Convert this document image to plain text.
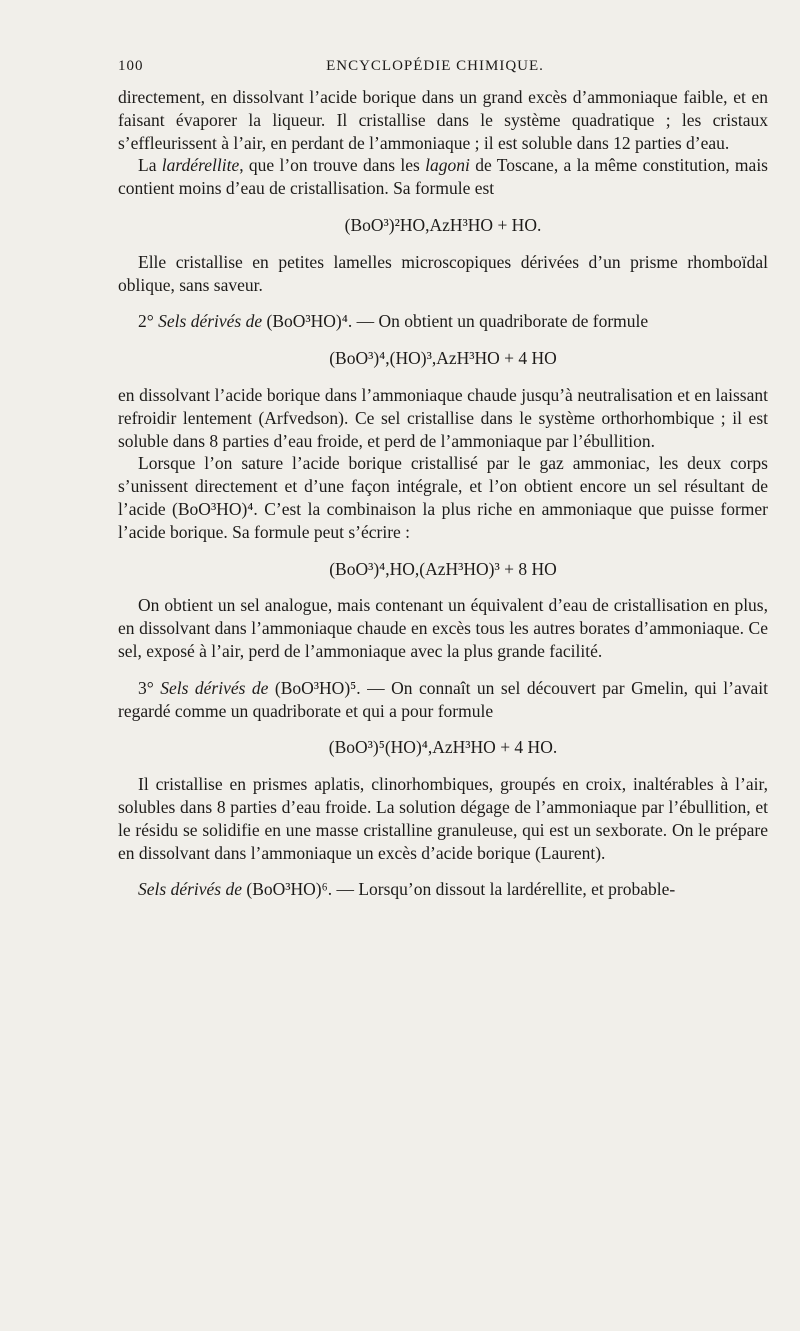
100	ENCYCLOPÉDIE CHIMIQUE.

directement, en dissolvant l’acide borique dans un grand excès d’ammoniaque faible, et en faisant évaporer la liqueur. Il cristallise dans le système quadratique ; les cristaux s’effleurissent à l’air, en perdant de l’ammoniaque ; il est soluble dans 12 parties d’eau.

La lardérellite, que l’on trouve dans les lagoni de Toscane, a la même constitution, mais contient moins d’eau de cristallisation. Sa formule est

(BoO³)²HO,AzH³HO + HO.

Elle cristallise en petites lamelles microscopiques dérivées d’un prisme rhomboïdal oblique, sans saveur.

2° Sels dérivés de (BoO³HO)⁴. — On obtient un quadriborate de formule

(BoO³)⁴,(HO)³,AzH³HO + 4 HO

en dissolvant l’acide borique dans l’ammoniaque chaude jusqu’à neutralisation et en laissant refroidir lentement (Arfvedson). Ce sel cristallise dans le système orthorhombique ; il est soluble dans 8 parties d’eau froide, et perd de l’ammoniaque par l’ébullition.

Lorsque l’on sature l’acide borique cristallisé par le gaz ammoniac, les deux corps s’unissent directement et d’une façon intégrale, et l’on obtient encore un sel résultant de l’acide (BoO³HO)⁴. C’est la combinaison la plus riche en ammoniaque que puisse former l’acide borique. Sa formule peut s’écrire :

(BoO³)⁴,HO,(AzH³HO)³ + 8 HO

On obtient un sel analogue, mais contenant un équivalent d’eau de cristallisation en plus, en dissolvant dans l’ammoniaque chaude en excès tous les autres borates d’ammoniaque. Ce sel, exposé à l’air, perd de l’ammoniaque avec la plus grande facilité.

3° Sels dérivés de (BoO³HO)⁵. — On connaît un sel découvert par Gmelin, qui l’avait regardé comme un quadriborate et qui a pour formule

(BoO³)⁵(HO)⁴,AzH³HO + 4 HO.

Il cristallise en prismes aplatis, clinorhombiques, groupés en croix, inaltérables à l’air, solubles dans 8 parties d’eau froide. La solution dégage de l’ammoniaque par l’ébullition, et le résidu se solidifie en une masse cristalline granuleuse, qui est un sexborate. On le prépare en dissolvant dans l’ammoniaque un excès d’acide borique (Laurent).

Sels dérivés de (BoO³HO)⁶. — Lorsqu’on dissout la lardérellite, et probable-
